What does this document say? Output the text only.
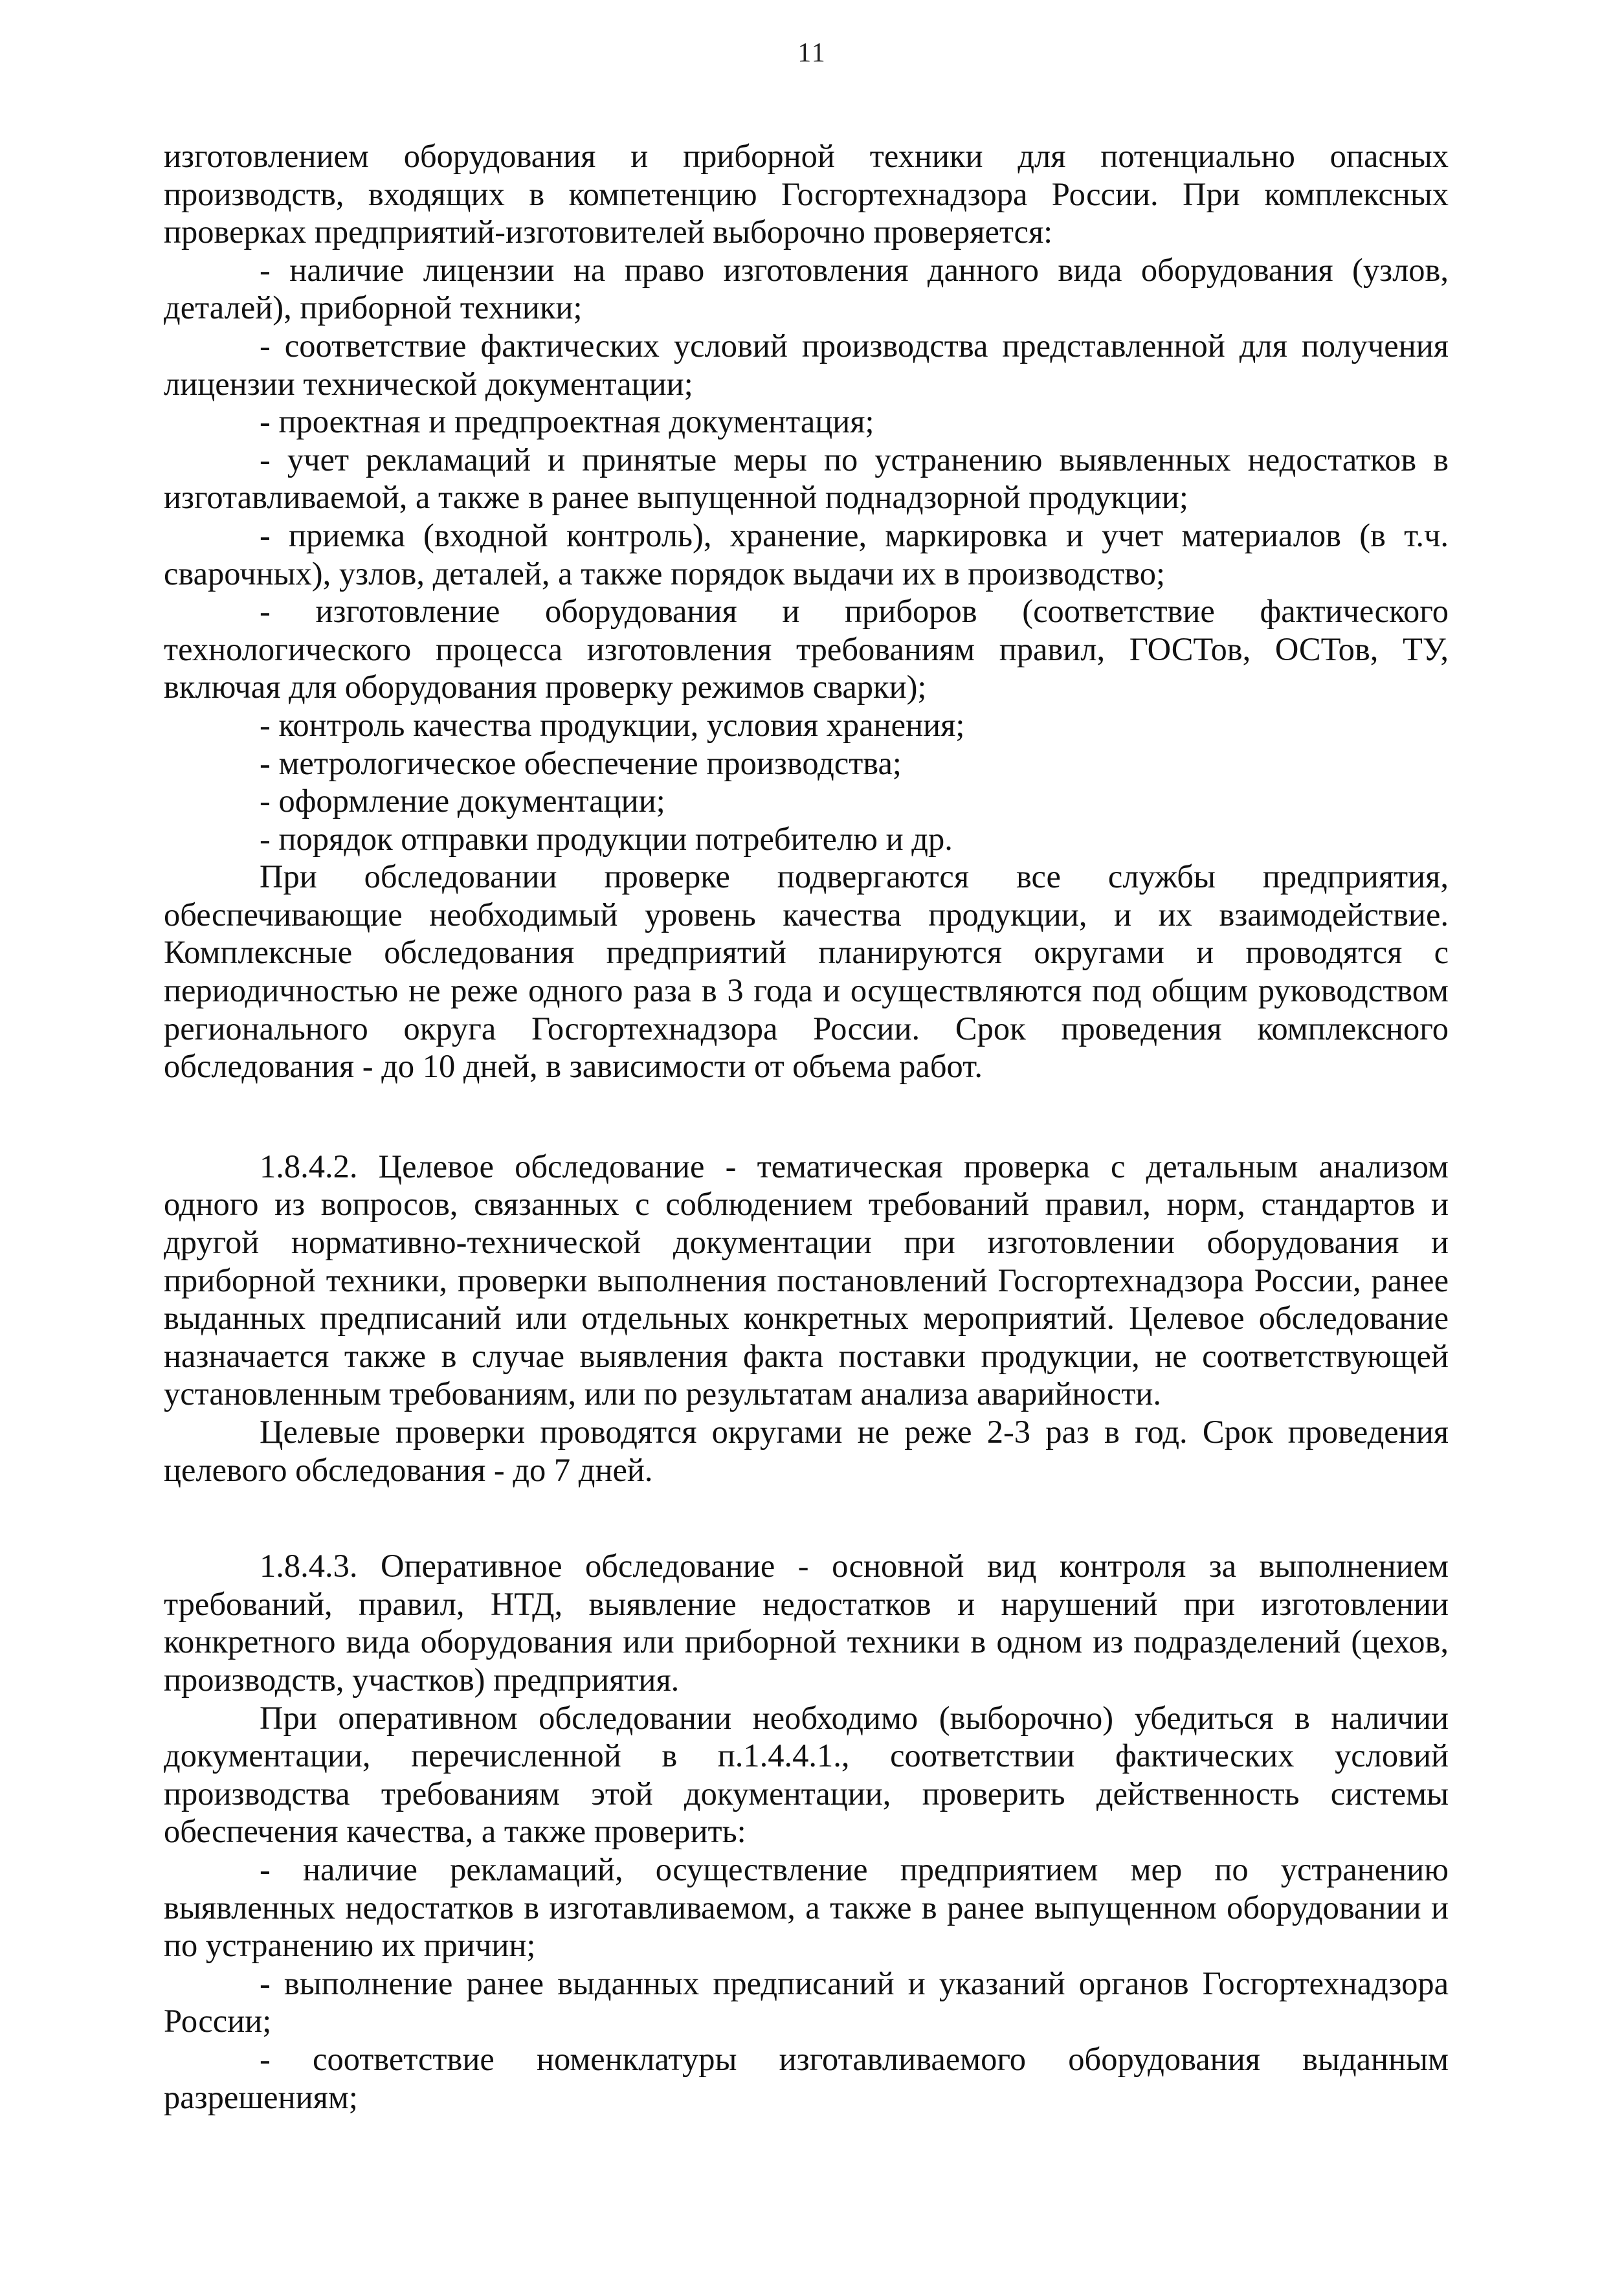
11

изготовлением оборудования и приборной техники для потенциально опасных производств, входящих в компетенцию Госгортехнадзора России. При комплексных проверках предприятий-изготовителей выборочно проверяется:

- наличие лицензии на право изготовления данного вида оборудования (узлов, деталей), приборной техники;

- соответствие фактических условий производства представленной для получения лицензии технической документации;

- проектная и предпроектная документация;

- учет рекламаций и принятые меры по устранению выявленных недостатков в изготавливаемой, а также в ранее выпущенной поднадзорной продукции;

- приемка (входной контроль), хранение, маркировка и учет материалов (в т.ч. сварочных), узлов, деталей, а также порядок выдачи их в производство;

- изготовление оборудования и приборов (соответствие фактического технологического процесса изготовления требованиям правил, ГОСТов, ОСТов, ТУ, включая для оборудования проверку режимов сварки);

- контроль качества продукции, условия хранения;

- метрологическое обеспечение производства;

- оформление документации;

- порядок отправки продукции потребителю и др.

При обследовании проверке подвергаются все службы предприятия, обеспечивающие необходимый уровень качества продукции, и их взаимодействие. Комплексные обследования предприятий планируются округами и проводятся с периодичностью не реже одного раза в 3 года и осуществляются под общим руководством регионального округа Госгортехнадзора России. Срок проведения комплексного обследования - до 10 дней, в зависимости от объема работ.

1.8.4.2. Целевое обследование - тематическая проверка с детальным анализом одного из вопросов, связанных с соблюдением требований правил, норм, стандартов и другой нормативно-технической документации при изготовлении оборудования и приборной техники, проверки выполнения постановлений Госгортехнадзора России, ранее выданных предписаний или отдельных конкретных мероприятий. Целевое обследование назначается также в случае выявления факта поставки продукции, не соответствующей установленным требованиям, или по результатам анализа аварийности.

Целевые проверки проводятся округами не реже 2-3 раз в год. Срок проведения целевого обследования - до 7 дней.

1.8.4.3. Оперативное обследование - основной вид контроля за выполнением требований, правил, НТД, выявление недостатков и нарушений при изготовлении конкретного вида оборудования или приборной техники в одном из подразделений (цехов, производств, участков) предприятия.

При оперативном обследовании необходимо (выборочно) убедиться в наличии документации, перечисленной в п.1.4.4.1., соответствии фактических условий производства требованиям этой документации, проверить действенность системы обеспечения качества, а также проверить:

- наличие рекламаций, осуществление предприятием мер по устранению выявленных недостатков в изготавливаемом, а также в ранее выпущенном оборудовании и по устранению их причин;

- выполнение ранее выданных предписаний и указаний органов Госгортехнадзора России;

- соответствие номенклатуры изготавливаемого оборудования выданным разрешениям;
